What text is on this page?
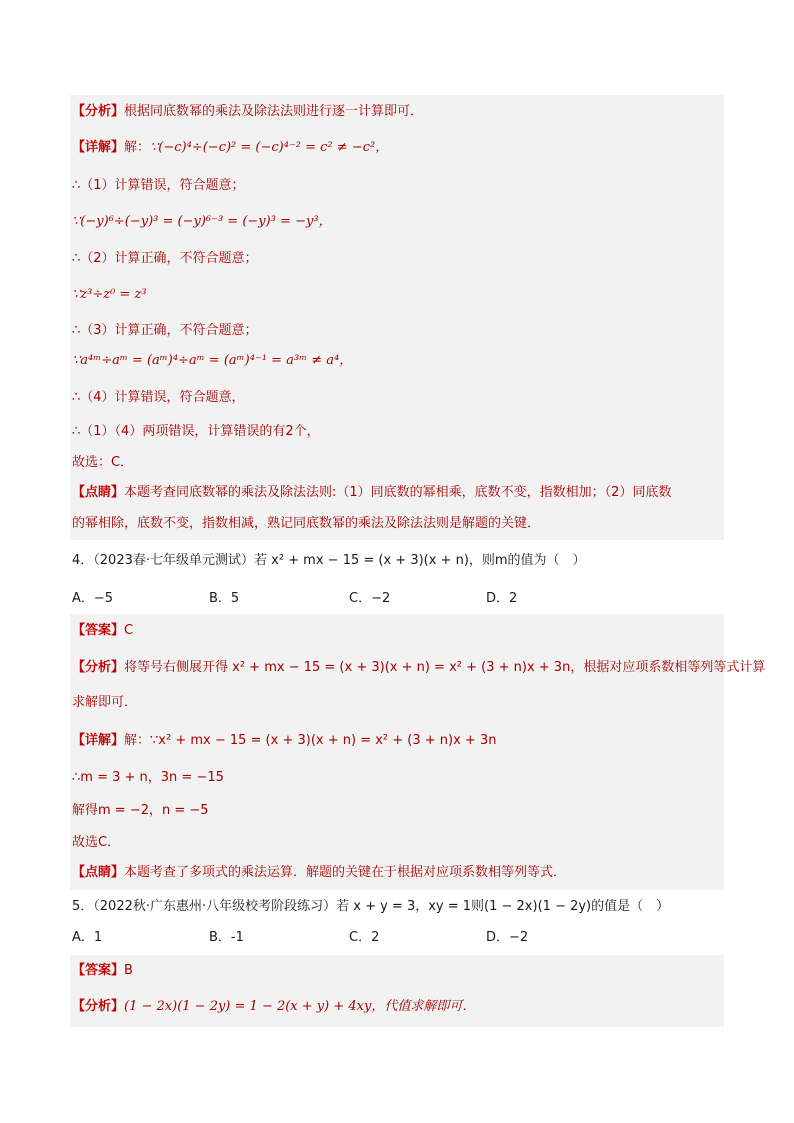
【分析】根据同底数幂的乘法及除法法则进行逐一计算即可．
【详解】解：∵(−c)⁴÷(−c)² = (−c)⁴⁻² = c² ≠ −c²，
∴（1）计算错误，符合题意；
∵(−y)⁶÷(−y)³ = (−y)⁶⁻³ = (−y)³ = −y³，
∴（2）计算正确，不符合题意；
∵z³÷z⁰ = z³
∴（3）计算正确，不符合题意；
∵a⁴ᵐ÷aᵐ = (aᵐ)⁴÷aᵐ = (aᵐ)⁴⁻¹ = a³ᵐ ≠ a⁴，
∴（4）计算错误，符合题意，
∴（1）（4）两项错误，计算错误的有2个，
故选：C．
【点睛】本题考查同底数幂的乘法及除法法则:（1）同底数的幂相乘，底数不变，指数相加；（2）同底数
的幂相除，底数不变，指数相减，熟记同底数幂的乘法及除法法则是解题的关键．
4．（2023春·七年级单元测试）若 x² + mx − 15 = (x + 3)(x + n)，则m的值为（　）
A．−5	B．5	C．−2	D．2
【答案】C
【分析】将等号右侧展开得 x² + mx − 15 = (x + 3)(x + n) = x² + (3 + n)x + 3n，根据对应项系数相等列等式计算
求解即可．
【详解】解：∵x² + mx − 15 = (x + 3)(x + n) = x² + (3 + n)x + 3n
∴m = 3 + n，3n = −15
解得m = −2，n = −5
故选C．
【点睛】本题考查了多项式的乘法运算．解题的关键在于根据对应项系数相等列等式．
5．（2022秋·广东惠州·八年级校考阶段练习）若 x + y = 3，xy = 1则(1 − 2x)(1 − 2y)的值是（　）
A．1	B．-1	C．2	D．−2
【答案】B
【分析】(1 − 2x)(1 − 2y) = 1 − 2(x + y) + 4xy，代值求解即可．
